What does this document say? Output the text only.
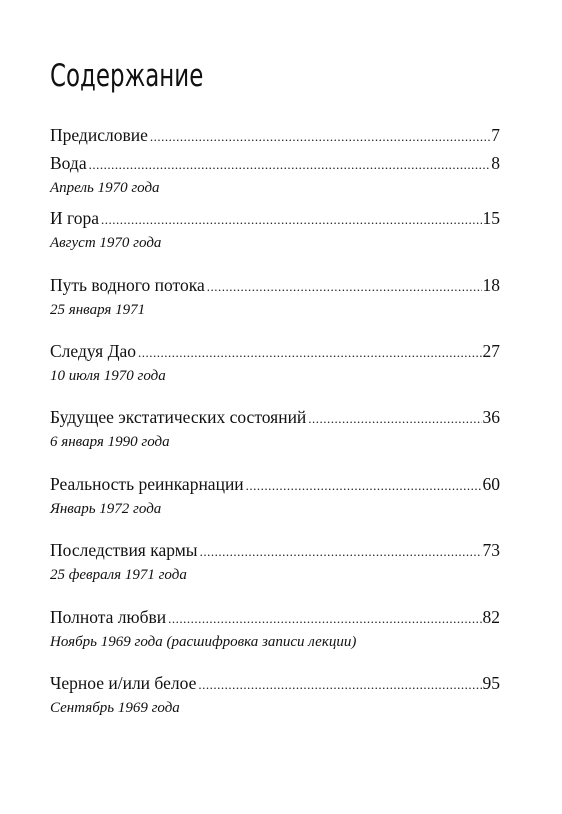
Содержание
Предисловие .....	7
Вода .....	8
Апрель 1970 года
И гора .....	15
Август 1970 года
Путь водного потока .....	18
25 января 1971
Следуя Дао .....	27
10 июля 1970 года
Будущее экстатических состояний .....	36
6 января 1990 года
Реальность реинкарнации .....	60
Январь 1972 года
Последствия кармы .....	73
25 февраля 1971 года
Полнота любви .....	82
Ноябрь 1969 года (расшифровка записи лекции)
Черное и/или белое .....	95
Сентябрь 1969 года
